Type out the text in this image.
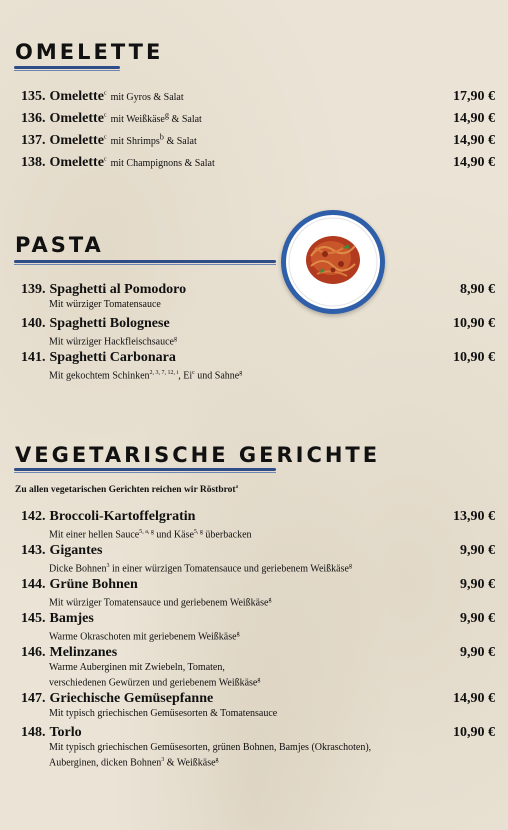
OMELETTE
135. Omelette$^c$ mit Gyros & Salat	17,90 €
136. Omelette$^c$ mit Weißkäse$^g$ & Salat	14,90 €
137. Omelette$^c$ mit Shrimps$^b$ & Salat	14,90 €
138. Omelette$^c$ mit Champignons & Salat	14,90 €
PASTA
139. Spaghetti al Pomodoro	8,90 €
Mit würziger Tomatensauce
140. Spaghetti Bolognese	10,90 €
Mit würziger Hackfleischsauce$^g$
141. Spaghetti Carbonara	10,90 €
Mit gekochtem Schinken$^{2, 3, 7, 12, i}$, Ei$^c$ und Sahne$^g$
VEGETARISCHE GERICHTE
Zu allen vegetarischen Gerichten reichen wir Röstbrot$^a$
142. Broccoli-Kartoffelgratin	13,90 €
Mit einer hellen Sauce$^{5, a, g}$ und Käse$^{5, g}$ überbacken
143. Gigantes	9,90 €
Dicke Bohnen$^3$ in einer würzigen Tomatensauce und geriebenem Weißkäse$^g$
144. Grüne Bohnen	9,90 €
Mit würziger Tomatensauce und geriebenem Weißkäse$^g$
145. Bamjes	9,90 €
Warme Okraschoten mit geriebenem Weißkäse$^g$
146. Melinzanes	9,90 €
Warme Auberginen mit Zwiebeln, Tomaten,
verschiedenen Gewürzen und geriebenem Weißkäse$^g$
147. Griechische Gemüsepfanne	14,90 €
Mit typisch griechischen Gemüsesorten & Tomatensauce
148. Torlo	10,90 €
Mit typisch griechischen Gemüsesorten, grünen Bohnen, Bamjes (Okraschoten),
Auberginen, dicken Bohnen$^3$ & Weißkäse$^g$
